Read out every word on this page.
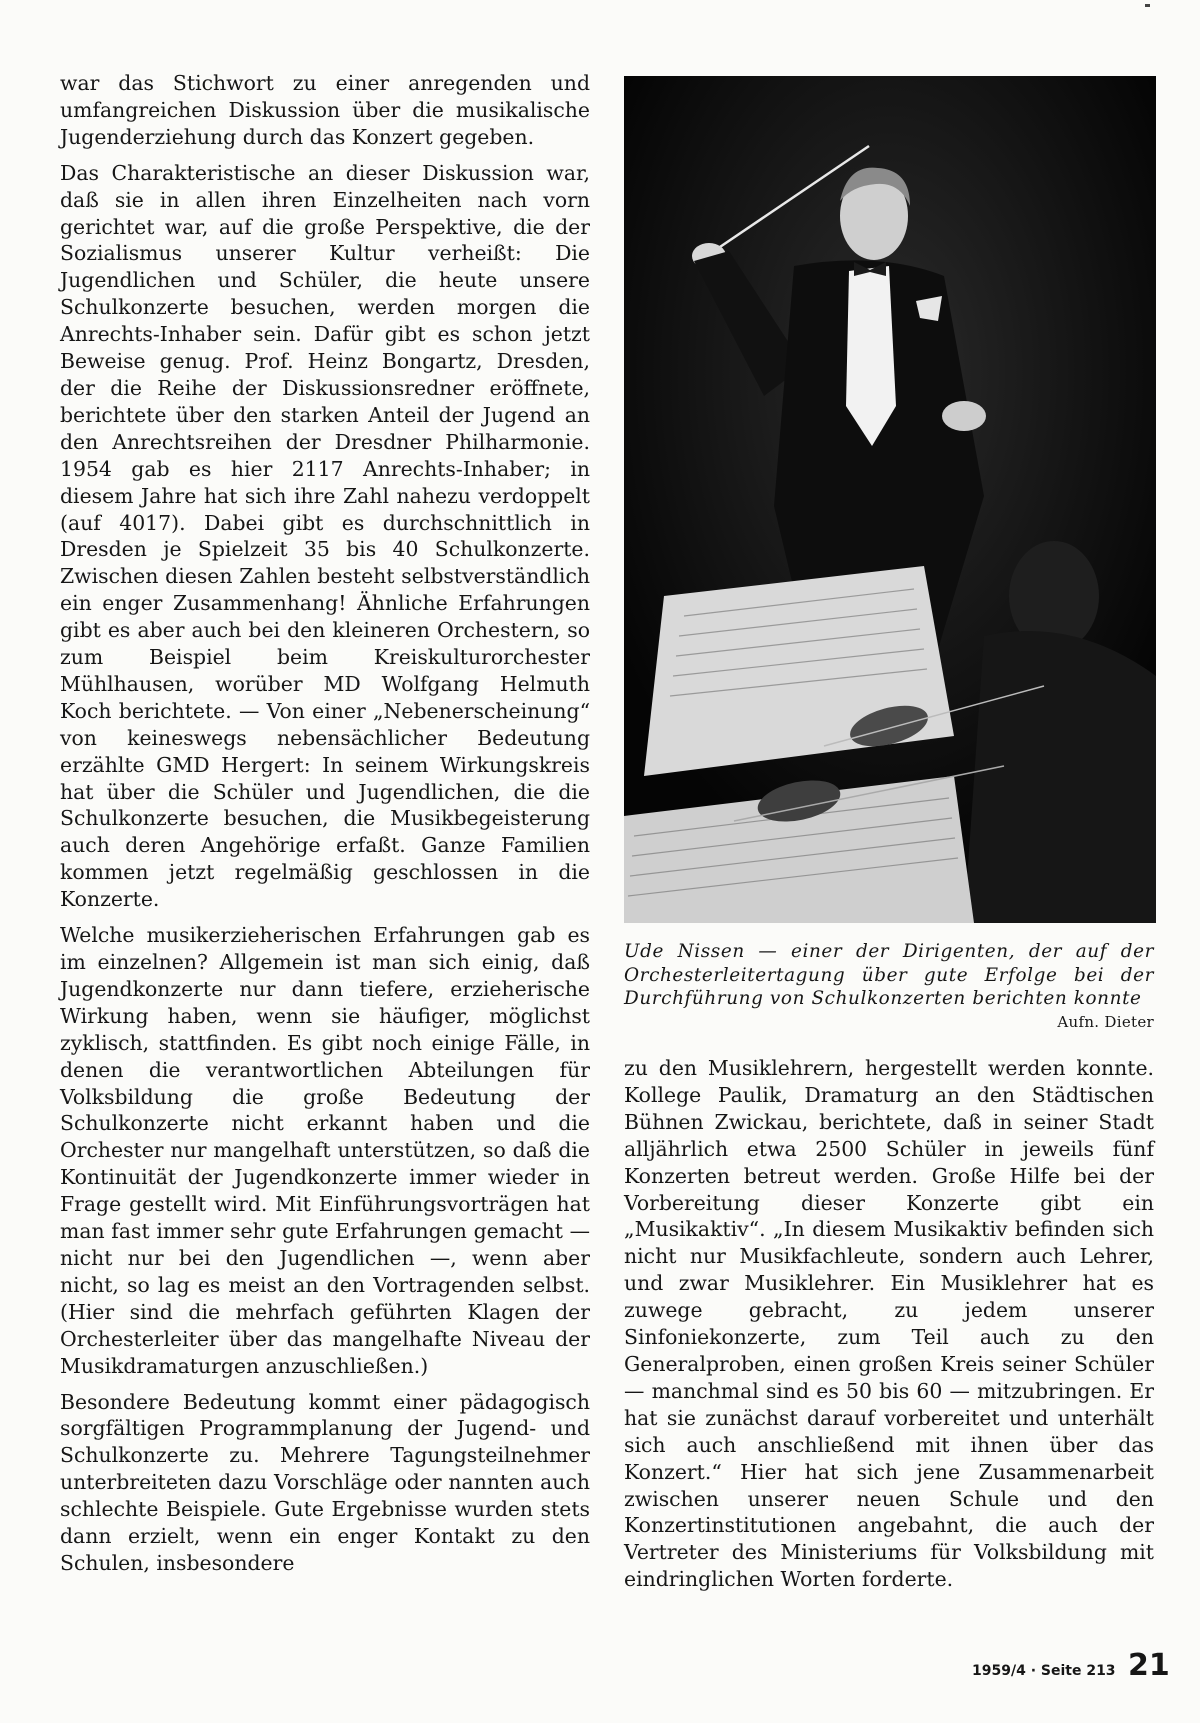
war das Stichwort zu einer anregenden und umfangreichen Diskussion über die musikalische Jugenderziehung durch das Konzert gegeben.

Das Charakteristische an dieser Diskussion war, daß sie in allen ihren Einzelheiten nach vorn gerichtet war, auf die große Perspektive, die der Sozialismus unserer Kultur verheißt: Die Jugendlichen und Schüler, die heute unsere Schulkonzerte besuchen, werden morgen die Anrechts-Inhaber sein. Dafür gibt es schon jetzt Beweise genug. Prof. Heinz Bongartz, Dresden, der die Reihe der Diskussionsredner eröffnete, berichtete über den starken Anteil der Jugend an den Anrechtsreihen der Dresdner Philharmonie. 1954 gab es hier 2117 Anrechts-Inhaber; in diesem Jahre hat sich ihre Zahl nahezu verdoppelt (auf 4017). Dabei gibt es durchschnittlich in Dresden je Spielzeit 35 bis 40 Schulkonzerte. Zwischen diesen Zahlen besteht selbstverständlich ein enger Zusammenhang! Ähnliche Erfahrungen gibt es aber auch bei den kleineren Orchestern, so zum Beispiel beim Kreiskulturorchester Mühlhausen, worüber MD Wolfgang Helmuth Koch berichtete. — Von einer „Nebenerscheinung“ von keineswegs nebensächlicher Bedeutung erzählte GMD Hergert: In seinem Wirkungskreis hat über die Schüler und Jugendlichen, die die Schulkonzerte besuchen, die Musikbegeisterung auch deren Angehörige erfaßt. Ganze Familien kommen jetzt regelmäßig geschlossen in die Konzerte.

Welche musikerzieherischen Erfahrungen gab es im einzelnen? Allgemein ist man sich einig, daß Jugendkonzerte nur dann tiefere, erzieherische Wirkung haben, wenn sie häufiger, möglichst zyklisch, stattfinden. Es gibt noch einige Fälle, in denen die verantwortlichen Abteilungen für Volksbildung die große Bedeutung der Schulkonzerte nicht erkannt haben und die Orchester nur mangelhaft unterstützen, so daß die Kontinuität der Jugendkonzerte immer wieder in Frage gestellt wird. Mit Einführungsvorträgen hat man fast immer sehr gute Erfahrungen gemacht — nicht nur bei den Jugendlichen —, wenn aber nicht, so lag es meist an den Vortragenden selbst. (Hier sind die mehrfach geführten Klagen der Orchesterleiter über das mangelhafte Niveau der Musikdramaturgen anzuschließen.)

Besondere Bedeutung kommt einer pädagogisch sorgfältigen Programmplanung der Jugend- und Schulkonzerte zu. Mehrere Tagungsteilnehmer unterbreiteten dazu Vorschläge oder nannten auch schlechte Beispiele. Gute Ergebnisse wurden stets dann erzielt, wenn ein enger Kontakt zu den Schulen, insbesondere

Ude Nissen — einer der Dirigenten, der auf der Orchesterleitertagung über gute Erfolge bei der Durchführung von Schulkonzerten berichten konnte
Aufn. Dieter

zu den Musiklehrern, hergestellt werden konnte. Kollege Paulik, Dramaturg an den Städtischen Bühnen Zwickau, berichtete, daß in seiner Stadt alljährlich etwa 2500 Schüler in jeweils fünf Konzerten betreut werden. Große Hilfe bei der Vorbereitung dieser Konzerte gibt ein „Musikaktiv“. „In diesem Musikaktiv befinden sich nicht nur Musikfachleute, sondern auch Lehrer, und zwar Musiklehrer. Ein Musiklehrer hat es zuwege gebracht, zu jedem unserer Sinfoniekonzerte, zum Teil auch zu den Generalproben, einen großen Kreis seiner Schüler — manchmal sind es 50 bis 60 — mitzubringen. Er hat sie zunächst darauf vorbereitet und unterhält sich auch anschließend mit ihnen über das Konzert.“ Hier hat sich jene Zusammenarbeit zwischen unserer neuen Schule und den Konzertinstitutionen angebahnt, die auch der Vertreter des Ministeriums für Volksbildung mit eindringlichen Worten forderte.

1959/4 · Seite 213 21
